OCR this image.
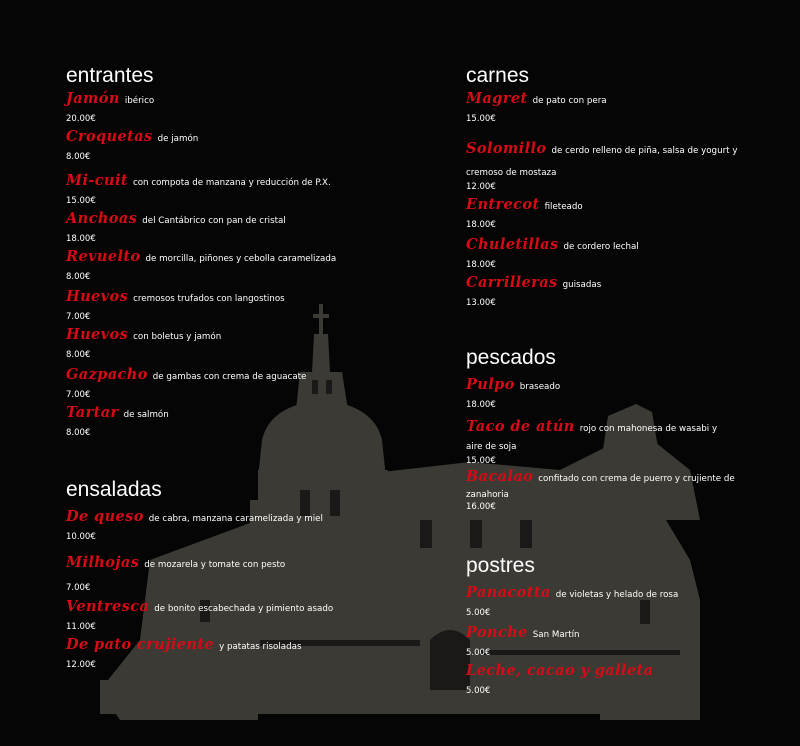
entrantes
Jamón ibérico
20.00€
Croquetas de jamón
8.00€
Mi-cuit con compota de manzana y reducción de P.X.
15.00€
Anchoas del Cantábrico con pan de cristal
18.00€
Revuelto de morcilla, piñones y cebolla caramelizada
8.00€
Huevos cremosos trufados con langostinos
7.00€
Huevos con boletus y jamón
8.00€
Gazpacho de gambas con crema de aguacate
7.00€
Tartar de salmón
8.00€
ensaladas
De queso de cabra, manzana caramelizada y miel
10.00€
Milhojas de mozarela y tomate con pesto
7.00€
Ventresca de bonito escabechada y pimiento asado
11.00€
De pato crujiente y patatas risoladas
12.00€
carnes
Magret de pato con pera
15.00€
Solomillo de cerdo relleno de piña, salsa de yogurt y
cremoso de mostaza
12.00€
Entrecot fileteado
18.00€
Chuletillas de cordero lechal
18.00€
Carrilleras guisadas
13.00€
pescados
Pulpo braseado
18.00€
Taco de atún rojo con mahonesa de wasabi y
aire de soja
15.00€
Bacalao confitado con crema de puerro y crujiente de
zanahoria
16.00€
postres
Panacotta de violetas y helado de rosa
5.00€
Ponche San Martín
5.00€
Leche, cacao y galleta
5.00€
